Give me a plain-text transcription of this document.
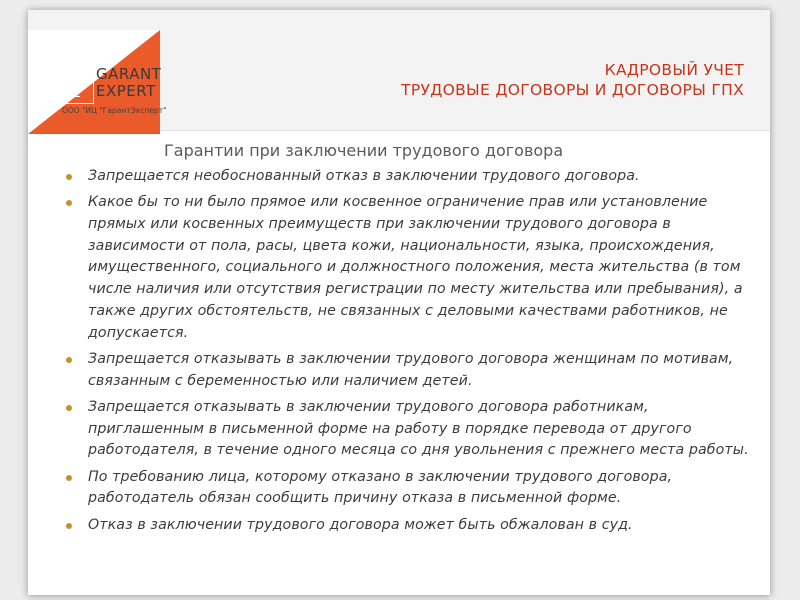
G
E
GARANT
EXPERT
ООО "ИЦ "ГарантЭксперт"
КАДРОВЫЙ УЧЕТ
ТРУДОВЫЕ ДОГОВОРЫ И ДОГОВОРЫ ГПХ
Гарантии при заключении трудового договора
Запрещается необоснованный отказ в заключении трудового договора.
Какое бы то ни было прямое или косвенное ограничение прав или установление прямых или косвенных преимуществ при заключении трудового договора в зависимости от пола, расы, цвета кожи, национальности, языка, происхождения, имущественного, социального и должностного положения, места жительства (в том числе наличия или отсутствия регистрации по месту жительства или пребывания), а также других обстоятельств, не связанных с деловыми качествами работников, не допускается.
Запрещается отказывать в заключении трудового договора женщинам по мотивам, связанным с беременностью или наличием детей.
Запрещается отказывать в заключении трудового договора работникам, приглашенным в письменной форме на работу в порядке перевода от другого работодателя, в течение одного месяца со дня увольнения с прежнего места работы.
По требованию лица, которому отказано в заключении трудового договора, работодатель обязан сообщить причину отказа в письменной форме.
Отказ в заключении трудового договора может быть обжалован в суд.
